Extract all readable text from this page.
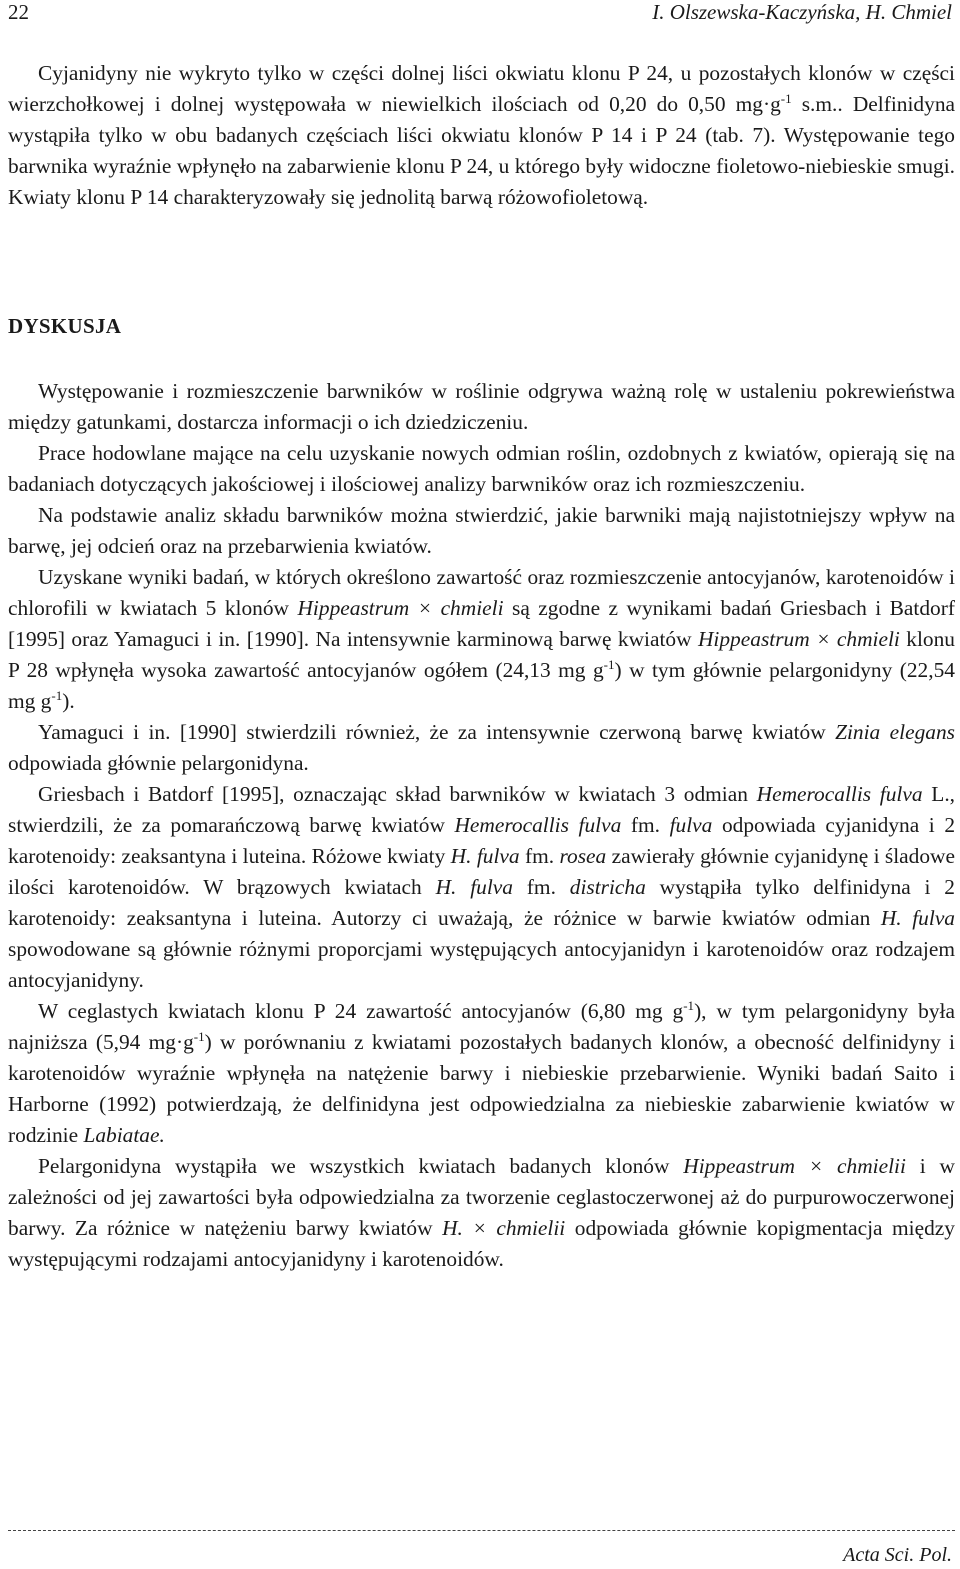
22	I. Olszewska-Kaczyńska, H. Chmiel

Cyjanidyny nie wykryto tylko w części dolnej liści okwiatu klonu P 24, u pozostałych klonów w części wierzchołkowej i dolnej występowała w niewielkich ilościach od 0,20 do 0,50 $mg\cdot g^{-1}$ s.m.. Delfinidyna wystąpiła tylko w obu badanych częściach liści okwiatu klonów P 14 i P 24 (tab. 7). Występowanie tego barwnika wyraźnie wpłynęło na zabarwienie klonu P 24, u którego były widoczne fioletowo-niebieskie smugi. Kwiaty klonu P 14 charakteryzowały się jednolitą barwą różowofioletową.

DYSKUSJA

Występowanie i rozmieszczenie barwników w roślinie odgrywa ważną rolę w ustaleniu pokrewieństwa między gatunkami, dostarcza informacji o ich dziedziczeniu.

Prace hodowlane mające na celu uzyskanie nowych odmian roślin, ozdobnych z kwiatów, opierają się na badaniach dotyczących jakościowej i ilościowej analizy barwników oraz ich rozmieszczeniu.

Na podstawie analiz składu barwników można stwierdzić, jakie barwniki mają najistotniejszy wpływ na barwę, jej odcień oraz na przebarwienia kwiatów.

Uzyskane wyniki badań, w których określono zawartość oraz rozmieszczenie antocyjanów, karotenoidów i chlorofili w kwiatach 5 klonów Hippeastrum × chmieli są zgodne z wynikami badań Griesbach i Batdorf [1995] oraz Yamaguci i in. [1990]. Na intensywnie karminową barwę kwiatów Hippeastrum × chmieli klonu P 28 wpłynęła wysoka zawartość antocyjanów ogółem (24,13 mg $g^{-1}$) w tym głównie pelargonidyny (22,54 mg $g^{-1}$).

Yamaguci i in. [1990] stwierdzili również, że za intensywnie czerwoną barwę kwiatów Zinia elegans odpowiada głównie pelargonidyna.

Griesbach i Batdorf [1995], oznaczając skład barwników w kwiatach 3 odmian Hemerocallis fulva L., stwierdzili, że za pomarańczową barwę kwiatów Hemerocallis fulva fm. fulva odpowiada cyjanidyna i 2 karotenoidy: zeaksantyna i luteina. Różowe kwiaty H. fulva fm. rosea zawierały głównie cyjanidynę i śladowe ilości karotenoidów. W brązowych kwiatach H. fulva fm. districha wystąpiła tylko delfinidyna i 2 karotenoidy: zeaksantyna i luteina. Autorzy ci uważają, że różnice w barwie kwiatów odmian H. fulva spowodowane są głównie różnymi proporcjami występujących antocyjanidyn i karotenoidów oraz rodzajem antocyjanidyny.

W ceglastych kwiatach klonu P 24 zawartość antocyjanów (6,80 mg $g^{-1}$), w tym pelargonidyny była najniższa (5,94 $mg\cdot g^{-1}$) w porównaniu z kwiatami pozostałych badanych klonów, a obecność delfinidyny i karotenoidów wyraźnie wpłynęła na natężenie barwy i niebieskie przebarwienie. Wyniki badań Saito i Harborne (1992) potwierdzają, że delfinidyna jest odpowiedzialna za niebieskie zabarwienie kwiatów w rodzinie Labiatae.

Pelargonidyna wystąpiła we wszystkich kwiatach badanych klonów Hippeastrum × chmielii i w zależności od jej zawartości była odpowiedzialna za tworzenie ceglastoczerwonej aż do purpurowoczerwonej barwy. Za różnice w natężeniu barwy kwiatów H. × chmielii odpowiada głównie kopigmentacja między występującymi rodzajami antocyjanidyny i karotenoidów.

Acta Sci. Pol.
